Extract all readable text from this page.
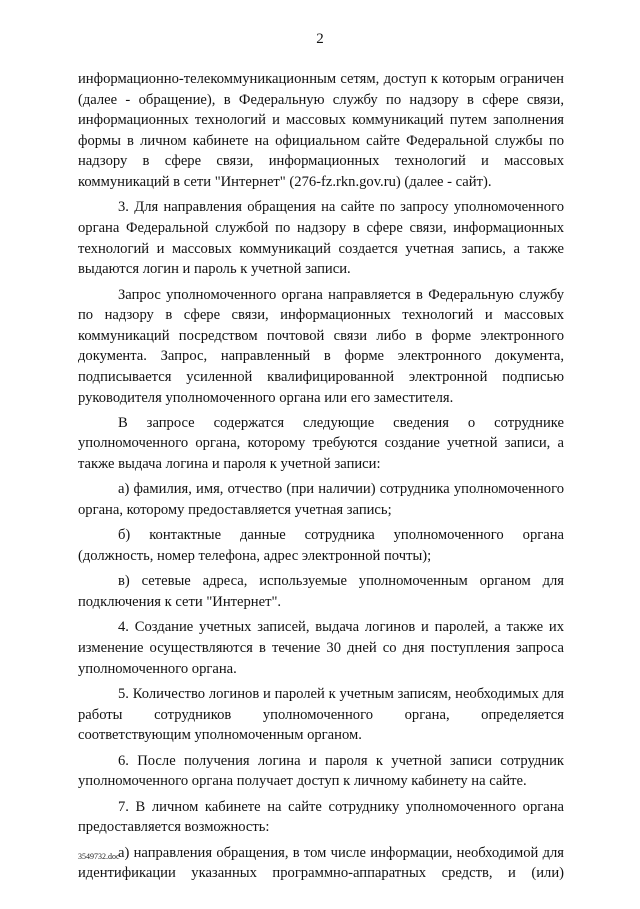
2

информационно-телекоммуникационным сетям, доступ к которым ограничен (далее - обращение), в Федеральную службу по надзору в сфере связи, информационных технологий и массовых коммуникаций путем заполнения формы в личном кабинете на официальном сайте Федеральной службы по надзору в сфере связи, информационных технологий и массовых коммуникаций в сети "Интернет" (276-fz.rkn.gov.ru) (далее - сайт).

3. Для направления обращения на сайте по запросу уполномоченного органа Федеральной службой по надзору в сфере связи, информационных технологий и массовых коммуникаций создается учетная запись, а также выдаются логин и пароль к учетной записи.

Запрос уполномоченного органа направляется в Федеральную службу по надзору в сфере связи, информационных технологий и массовых коммуникаций посредством почтовой связи либо в форме электронного документа. Запрос, направленный в форме электронного документа, подписывается усиленной квалифицированной электронной подписью руководителя уполномоченного органа или его заместителя.

В запросе содержатся следующие сведения о сотруднике уполномоченного органа, которому требуются создание учетной записи, а также выдача логина и пароля к учетной записи:

а) фамилия, имя, отчество (при наличии) сотрудника уполномоченного органа, которому предоставляется учетная запись;

б) контактные данные сотрудника уполномоченного органа (должность, номер телефона, адрес электронной почты);

в) сетевые адреса, используемые уполномоченным органом для подключения к сети "Интернет".

4. Создание учетных записей, выдача логинов и паролей, а также их изменение осуществляются в течение 30 дней со дня поступления запроса уполномоченного органа.

5. Количество логинов и паролей к учетным записям, необходимых для работы сотрудников уполномоченного органа, определяется соответствующим уполномоченным органом.

6. После получения логина и пароля к учетной записи сотрудник уполномоченного органа получает доступ к личному кабинету на сайте.

7. В личном кабинете на сайте сотруднику уполномоченного органа предоставляется возможность:

а) направления обращения, в том числе информации, необходимой для идентификации указанных программно-аппаратных средств, и (или)

3549732.doc
